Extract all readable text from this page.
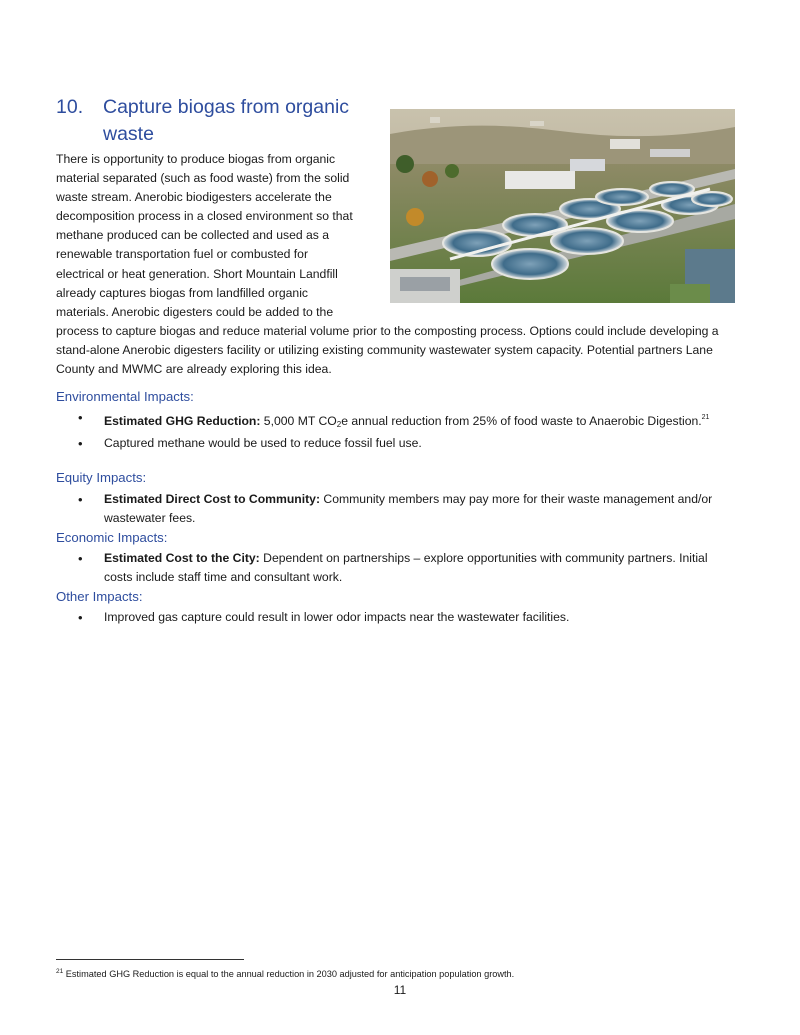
10. Capture biogas from organic
waste
There is opportunity to produce biogas from organic
material separated (such as food waste) from the solid
waste stream. Anerobic biodigesters accelerate the
decomposition process in a closed environment so that
methane produced can be collected and used as a
renewable transportation fuel or combusted for
electrical or heat generation. Short Mountain Landfill
already captures biogas from landfilled organic
materials. Anerobic digesters could be added to the
process to capture biogas and reduce material volume prior to the composting process. Options could include developing a stand-alone Anerobic digesters facility or utilizing existing community wastewater system capacity. Potential partners Lane County and MWMC are already exploring this idea.
Environmental Impacts:
• Estimated GHG Reduction: 5,000 MT $CO_2e$ annual reduction from 25% of food waste to Anaerobic Digestion.$^{21}$
• Captured methane would be used to reduce fossil fuel use.
Equity Impacts:
• Estimated Direct Cost to Community: Community members may pay more for their waste management and/or wastewater fees.
Economic Impacts:
• Estimated Cost to the City: Dependent on partnerships – explore opportunities with community partners. Initial costs include staff time and consultant work.
Other Impacts:
• Improved gas capture could result in lower odor impacts near the wastewater facilities.

$^{21}$ Estimated GHG Reduction is equal to the annual reduction in 2030 adjusted for anticipation population growth.

11
